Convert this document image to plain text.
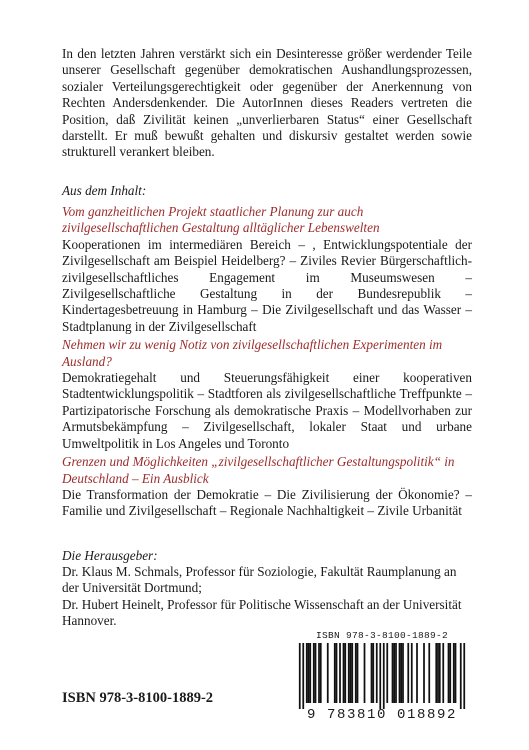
In den letzten Jahren verstärkt sich ein Desinteresse größer werdender Teile unserer Gesellschaft gegenüber demokratischen Aushandlungsprozessen, sozialer Verteilungsgerechtigkeit oder gegenüber der Anerkennung von Rechten Andersdenkender. Die AutorInnen dieses Readers vertreten die Position, daß Zivilität keinen „unverlierbaren Status“ einer Gesellschaft darstellt. Er muß bewußt gehalten und diskursiv gestaltet werden sowie strukturell verankert bleiben.
Aus dem Inhalt:
Vom ganzheitlichen Projekt staatlicher Planung zur auch zivilgesellschaftlichen Gestaltung alltäglicher Lebenswelten
Kooperationen im intermediären Bereich – , Entwicklungspotentiale der Zivilgesellschaft am Beispiel Heidelberg? – Ziviles Revier Bürgerschaftlich-zivilgesellschaftliches Engagement im Museumswesen – Zivilgesellschaftliche Gestaltung in der Bundesrepublik – Kindertagesbetreuung in Hamburg – Die Zivilgesellschaft und das Wasser – Stadtplanung in der Zivilgesellschaft
Nehmen wir zu wenig Notiz von zivilgesellschaftlichen Experimenten im Ausland?
Demokratiegehalt und Steuerungsfähigkeit einer kooperativen Stadtentwicklungspolitik – Stadtforen als zivilgesellschaftliche Treffpunkte – Partizipatorische Forschung als demokratische Praxis – Modellvorhaben zur Armutsbekämpfung – Zivilgesellschaft, lokaler Staat und urbane Umweltpolitik in Los Angeles und Toronto
Grenzen und Möglichkeiten „zivilgesellschaftlicher Gestaltungspolitik“ in Deutschland – Ein Ausblick
Die Transformation der Demokratie – Die Zivilisierung der Ökonomie? – Familie und Zivilgesellschaft – Regionale Nachhaltigkeit – Zivile Urbanität
Die Herausgeber:
Dr. Klaus M. Schmals, Professor für Soziologie, Fakultät Raumplanung an der Universität Dortmund;
Dr. Hubert Heinelt, Professor für Politische Wissenschaft an der Universität Hannover.
ISBN 978-3-8100-1889-2
ISBN 978-3-8100-1889-2
9 783810 018892
